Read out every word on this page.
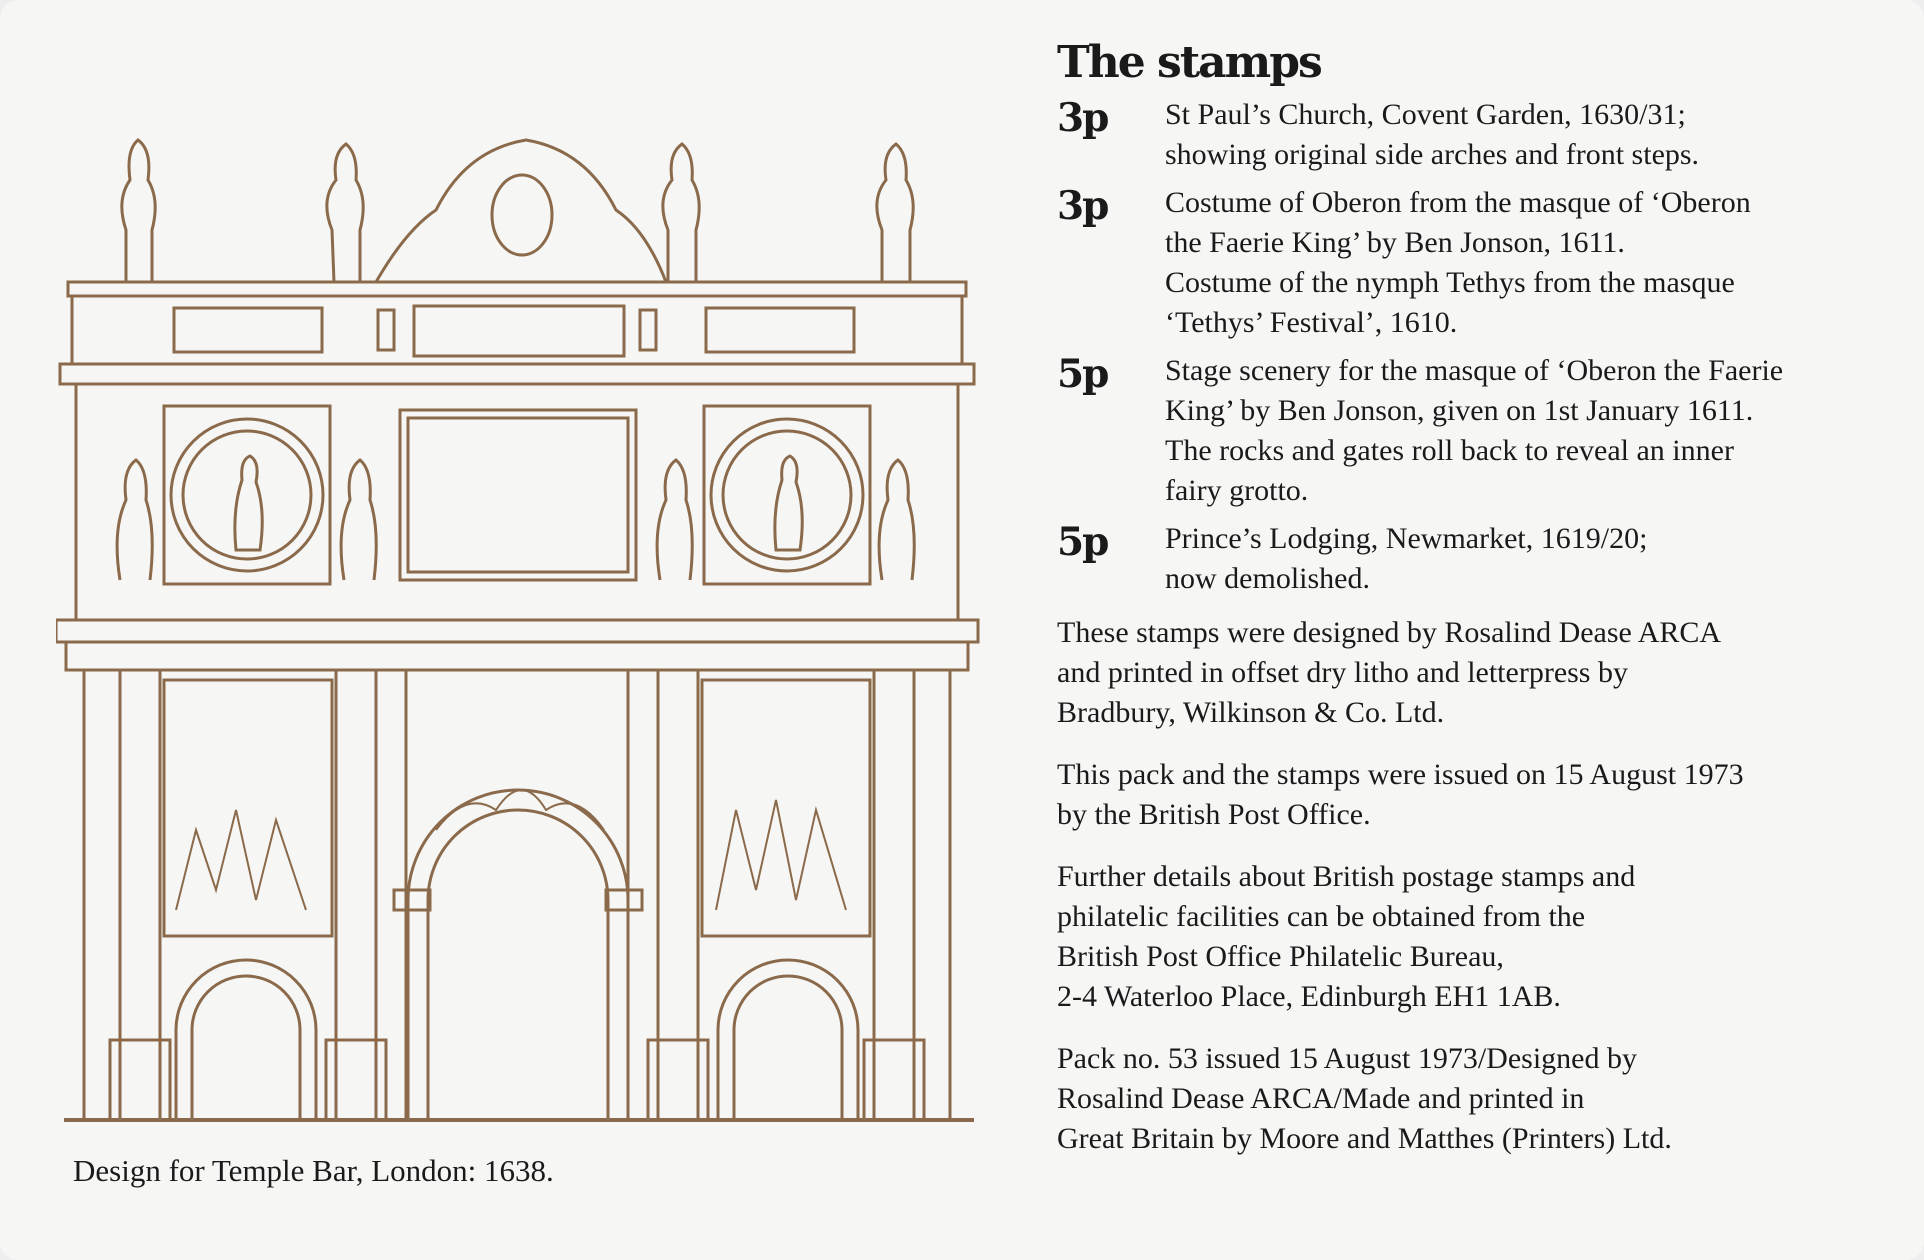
Design for Temple Bar, London: 1638.
The stamps
3p	St Paul’s Church, Covent Garden, 1630/31;
showing original side arches and front steps.
3p	Costume of Oberon from the masque of ‘Oberon
the Faerie King’ by Ben Jonson, 1611.
Costume of the nymph Tethys from the masque
‘Tethys’ Festival’, 1610.
5p	Stage scenery for the masque of ‘Oberon the Faerie
King’ by Ben Jonson, given on 1st January 1611.
The rocks and gates roll back to reveal an inner
fairy grotto.
5p	Prince’s Lodging, Newmarket, 1619/20;
now demolished.
These stamps were designed by Rosalind Dease ARCA
and printed in offset dry litho and letterpress by
Bradbury, Wilkinson & Co. Ltd.
This pack and the stamps were issued on 15 August 1973
by the British Post Office.
Further details about British postage stamps and
philatelic facilities can be obtained from the
British Post Office Philatelic Bureau,
2-4 Waterloo Place, Edinburgh EH1 1AB.
Pack no. 53 issued 15 August 1973/Designed by
Rosalind Dease ARCA/Made and printed in
Great Britain by Moore and Matthes (Printers) Ltd.
